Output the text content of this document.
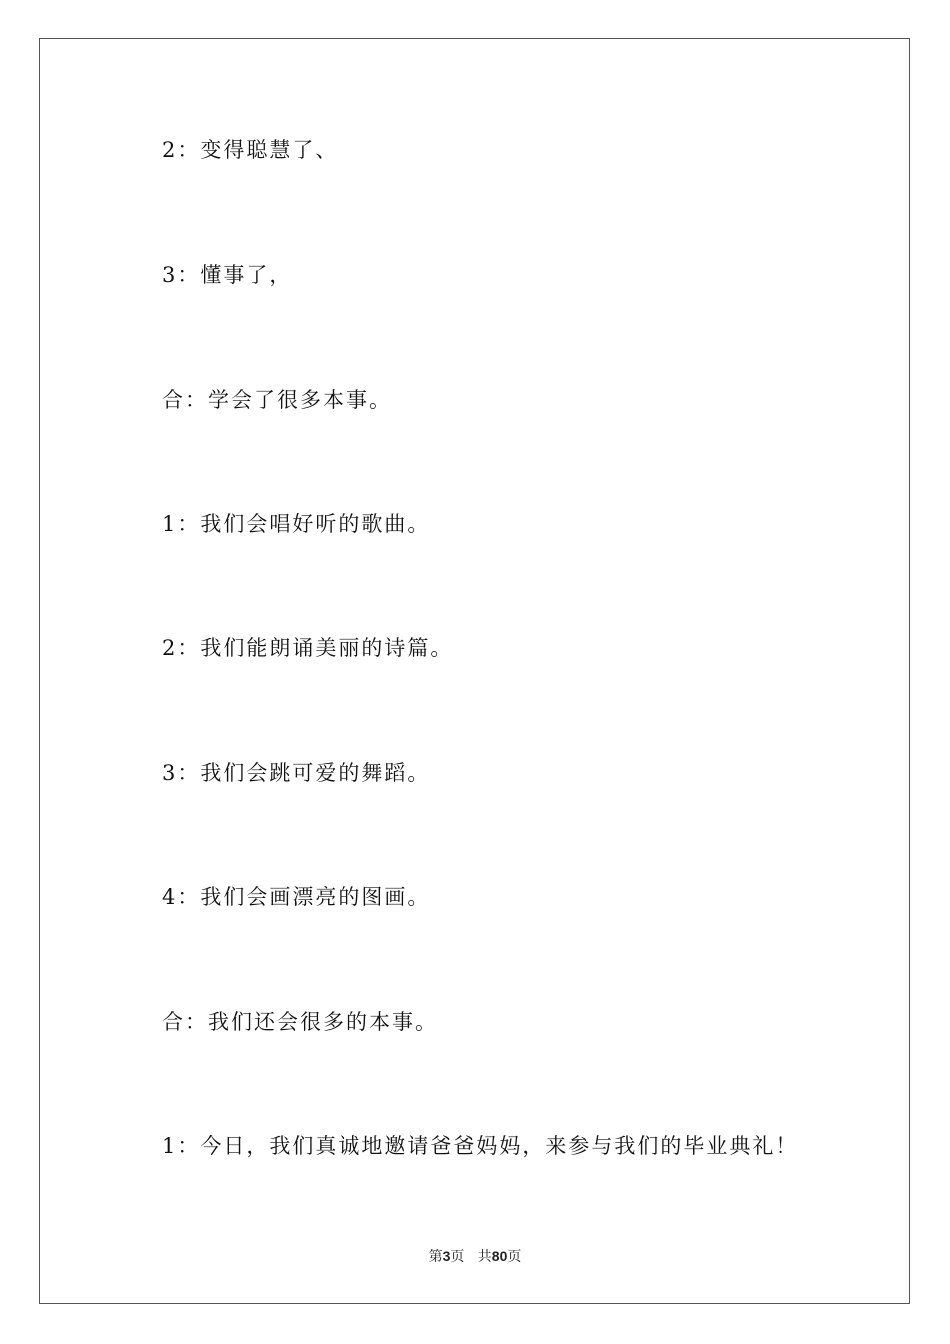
2：变得聪慧了、
3：懂事了，
合：学会了很多本事。
1：我们会唱好听的歌曲。
2：我们能朗诵美丽的诗篇。
3：我们会跳可爱的舞蹈。
4：我们会画漂亮的图画。
合：我们还会很多的本事。
1：今日，我们真诚地邀请爸爸妈妈，来参与我们的毕业典礼！
第3页 共80页
